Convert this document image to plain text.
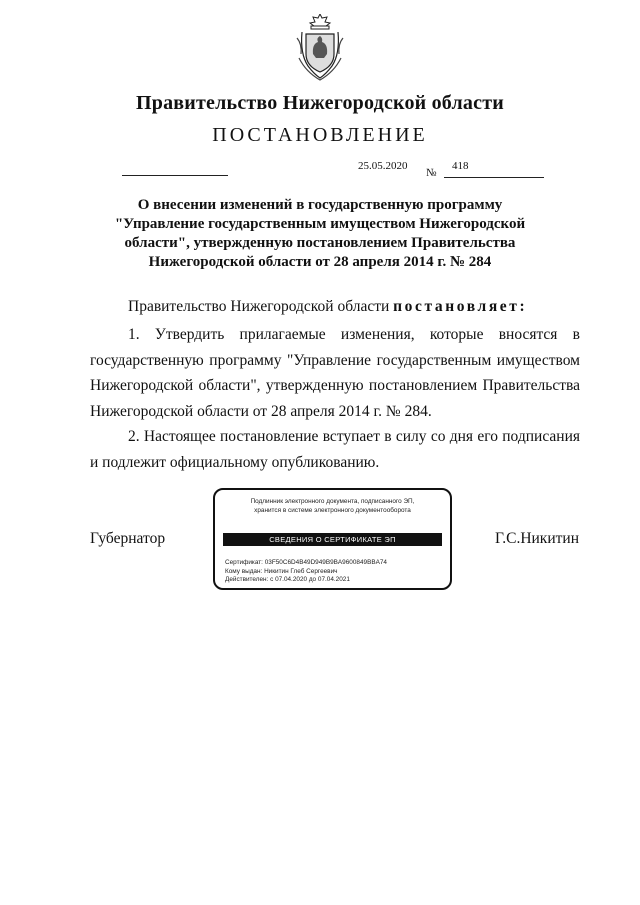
Правительство Нижегородской области
ПОСТАНОВЛЕНИЕ
25.05.2020
№
418
О внесении изменений в государственную программу
"Управление государственным имуществом Нижегородской
области", утвержденную постановлением Правительства
Нижегородской области от 28 апреля 2014 г. № 284
Правительство Нижегородской области постановляет:
1. Утвердить прилагаемые изменения, которые вносятся в государственную программу "Управление государственным имуществом Нижегородской области", утвержденную постановлением Правительства Нижегородской области от 28 апреля 2014 г. № 284.
2. Настоящее постановление вступает в силу со дня его подписания и подлежит официальному опубликованию.
Губернатор
Подлинник электронного документа, подписанного ЭП,
хранится в системе электронного документооборота
СВЕДЕНИЯ О СЕРТИФИКАТЕ ЭП
Сертификат: 03F50C6D4B49D949B9BA9600849BBA74
Кому выдан: Никитин Глеб Сергеевич
Действителен: с 07.04.2020 до 07.04.2021
Г.С.Никитин
